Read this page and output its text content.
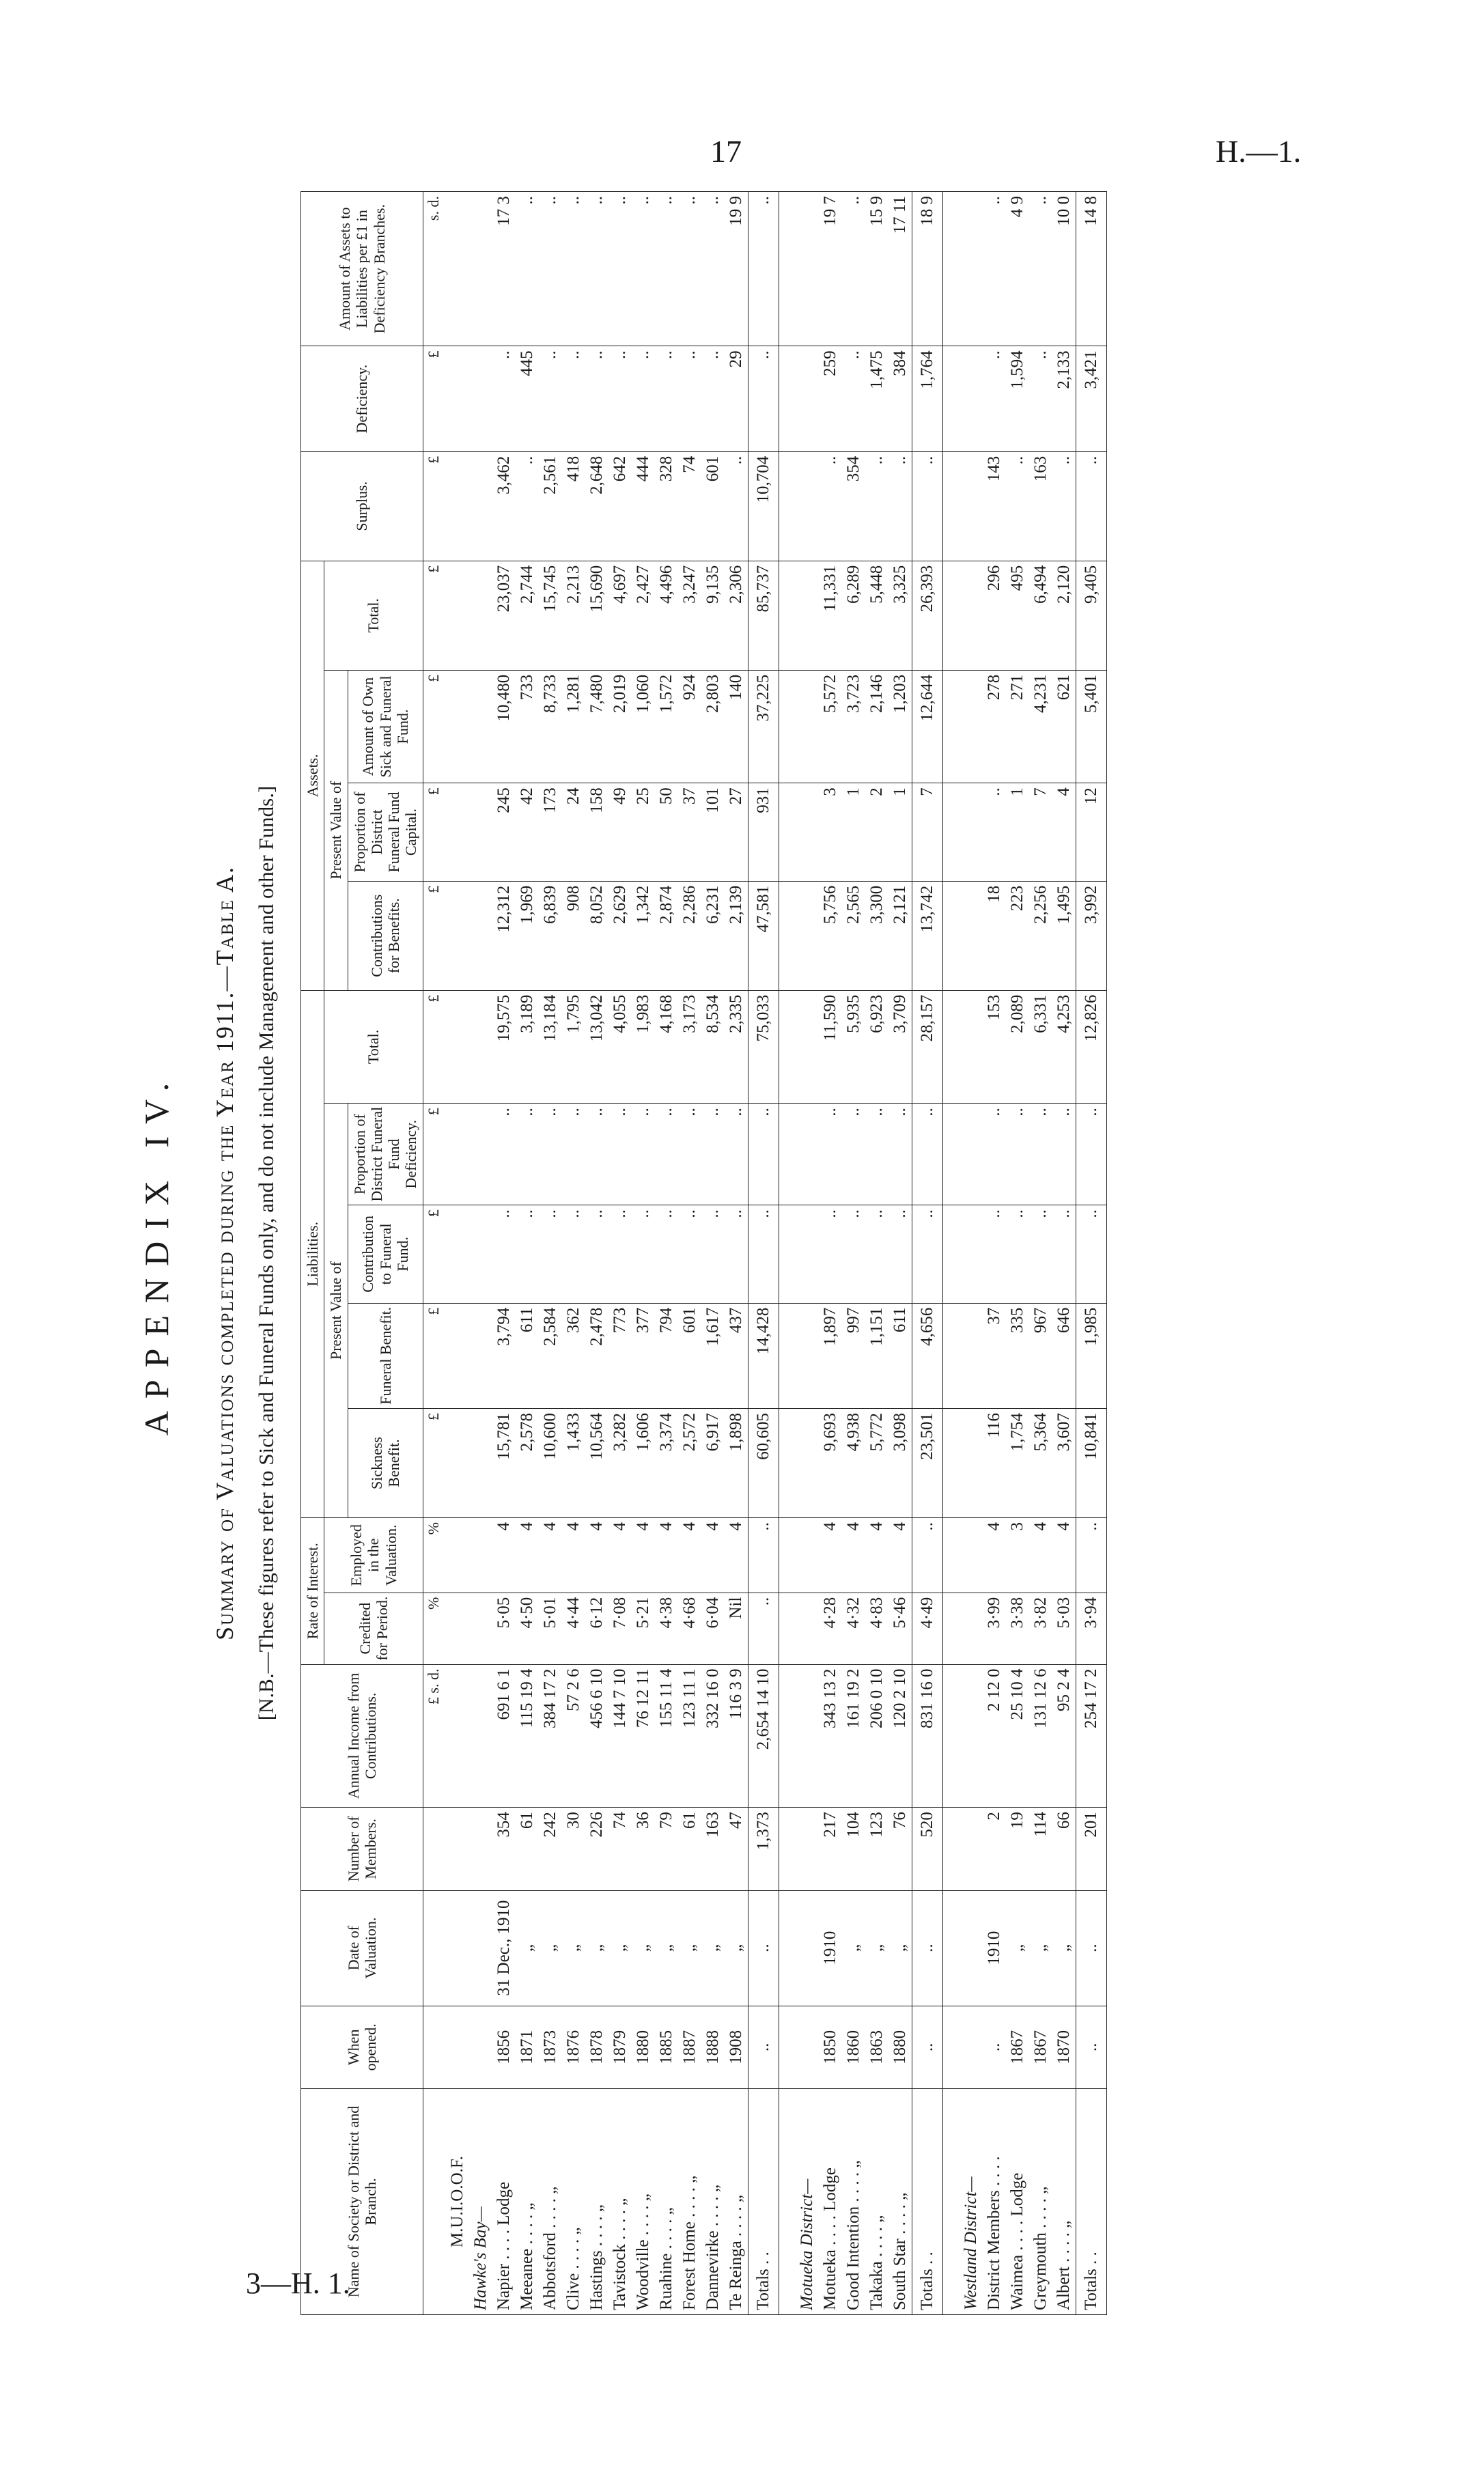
17	H.—1.
3—H. 1.
APPENDIX IV. Summary of Valuations completed during the Year 1911.—Table A. [N.B.—These figures refer to Sick and Funeral Funds only, and do not include Management and other Funds.]
Name of Society or District and Branch.	When opened.	Date of Valuation.	Number of Members.	Annual Income from Contributions.	Rate of Interest.		Liabilities.					Assets.				Surplus.	Deficiency.	Amount of Assets to Liabilities per £1 in Deficiency Branches.
					Credited for Period.	Employed in the Valuation.	Present Value of				Total.	Present Value of			Total.			
							Sickness Benefit.	Funeral Benefit.	Contribution to Funeral Fund.	Proportion of District Funeral Fund Deficiency.		Contributions for Benefits.	Proportion of District Funeral Fund Capital.	Amount of Own Sick and Funeral Fund.				
				£ s. d.	%	%	£	£	£	£	£	£	£	£	£	£	£	s. d.
M.U.I.O.O.F.																		
Hawke's Bay—																		
Napier . . . . Lodge	1856	31 Dec., 1910	354	691 6 1	5·05	4	15,781	3,794	..	..	19,575	12,312	245	10,480	23,037	3,462	..	17 3
Meeanee . . . . „	1871	„	61	115 19 4	4·50	4	2,578	611	..	..	3,189	1,969	42	733	2,744	..	445	..
Abbotsford . . . . „	1873	„	242	384 17 2	5·01	4	10,600	2,584	..	..	13,184	6,839	173	8,733	15,745	2,561	..	..
Clive . . . . „	1876	„	30	57 2 6	4·44	4	1,433	362	..	..	1,795	908	24	1,281	2,213	418	..	..
Hastings . . . . „	1878	„	226	456 6 10	6·12	4	10,564	2,478	..	..	13,042	8,052	158	7,480	15,690	2,648	..	..
Tavistock . . . . „	1879	„	74	144 7 10	7·08	4	3,282	773	..	..	4,055	2,629	49	2,019	4,697	642	..	..
Woodville . . . . „	1880	„	36	76 12 11	5·21	4	1,606	377	..	..	1,983	1,342	25	1,060	2,427	444	..	..
Ruahine . . . . „	1885	„	79	155 11 4	4·38	4	3,374	794	..	..	4,168	2,874	50	1,572	4,496	328	..	..
Forest Home . . . . „	1887	„	61	123 11 1	4·68	4	2,572	601	..	..	3,173	2,286	37	924	3,247	74	..	..
Dannevirke . . . . „	1888	„	163	332 16 0	6·04	4	6,917	1,617	..	..	8,534	6,231	101	2,803	9,135	601	..	..
Te Reinga . . . . „	1908	„	47	116 3 9	Nil	4	1,898	437	..	..	2,335	2,139	27	140	2,306	..	29	19 9
Totals . .	..	..	1,373	2,654 14 10	..	..	60,605	14,428	..	..	75,033	47,581	931	37,225	85,737	10,704	..	..

Motueka District—																		
Motueka . . . . Lodge	1850	1910	217	343 13 2	4·28	4	9,693	1,897	..	..	11,590	5,756	3	5,572	11,331	..	259	19 7
Good Intention . . . . „	1860	„	104	161 19 2	4·32	4	4,938	997	..	..	5,935	2,565	1	3,723	6,289	354	..	..
Takaka . . . . „	1863	„	123	206 0 10	4·83	4	5,772	1,151	..	..	6,923	3,300	2	2,146	5,448	..	1,475	15 9
South Star . . . . „	1880	„	76	120 2 10	5·46	4	3,098	611	..	..	3,709	2,121	1	1,203	3,325	..	384	17 11
Totals . .	..	..	520	831 16 0	4·49	..	23,501	4,656	..	..	28,157	13,742	7	12,644	26,393	..	1,764	18 9

Westland District—																		
District Members . . . .	..	1910	2	2 12 0	3·99	4	116	37	..	..	153	18	..	278	296	143	..	..
Waimea . . . . Lodge	1867	„	19	25 10 4	3·38	3	1,754	335	..	..	2,089	223	1	271	495	..	1,594	4 9
Greymouth . . . . „	1867	„	114	131 12 6	3·82	4	5,364	967	..	..	6,331	2,256	7	4,231	6,494	163	..	..
Albert . . . . „	1870	„	66	95 2 4	5·03	4	3,607	646	..	..	4,253	1,495	4	621	2,120	..	2,133	10 0
Totals . .	..	..	201	254 17 2	3·94	..	10,841	1,985	..	..	12,826	3,992	12	5,401	9,405	..	3,421	14 8
